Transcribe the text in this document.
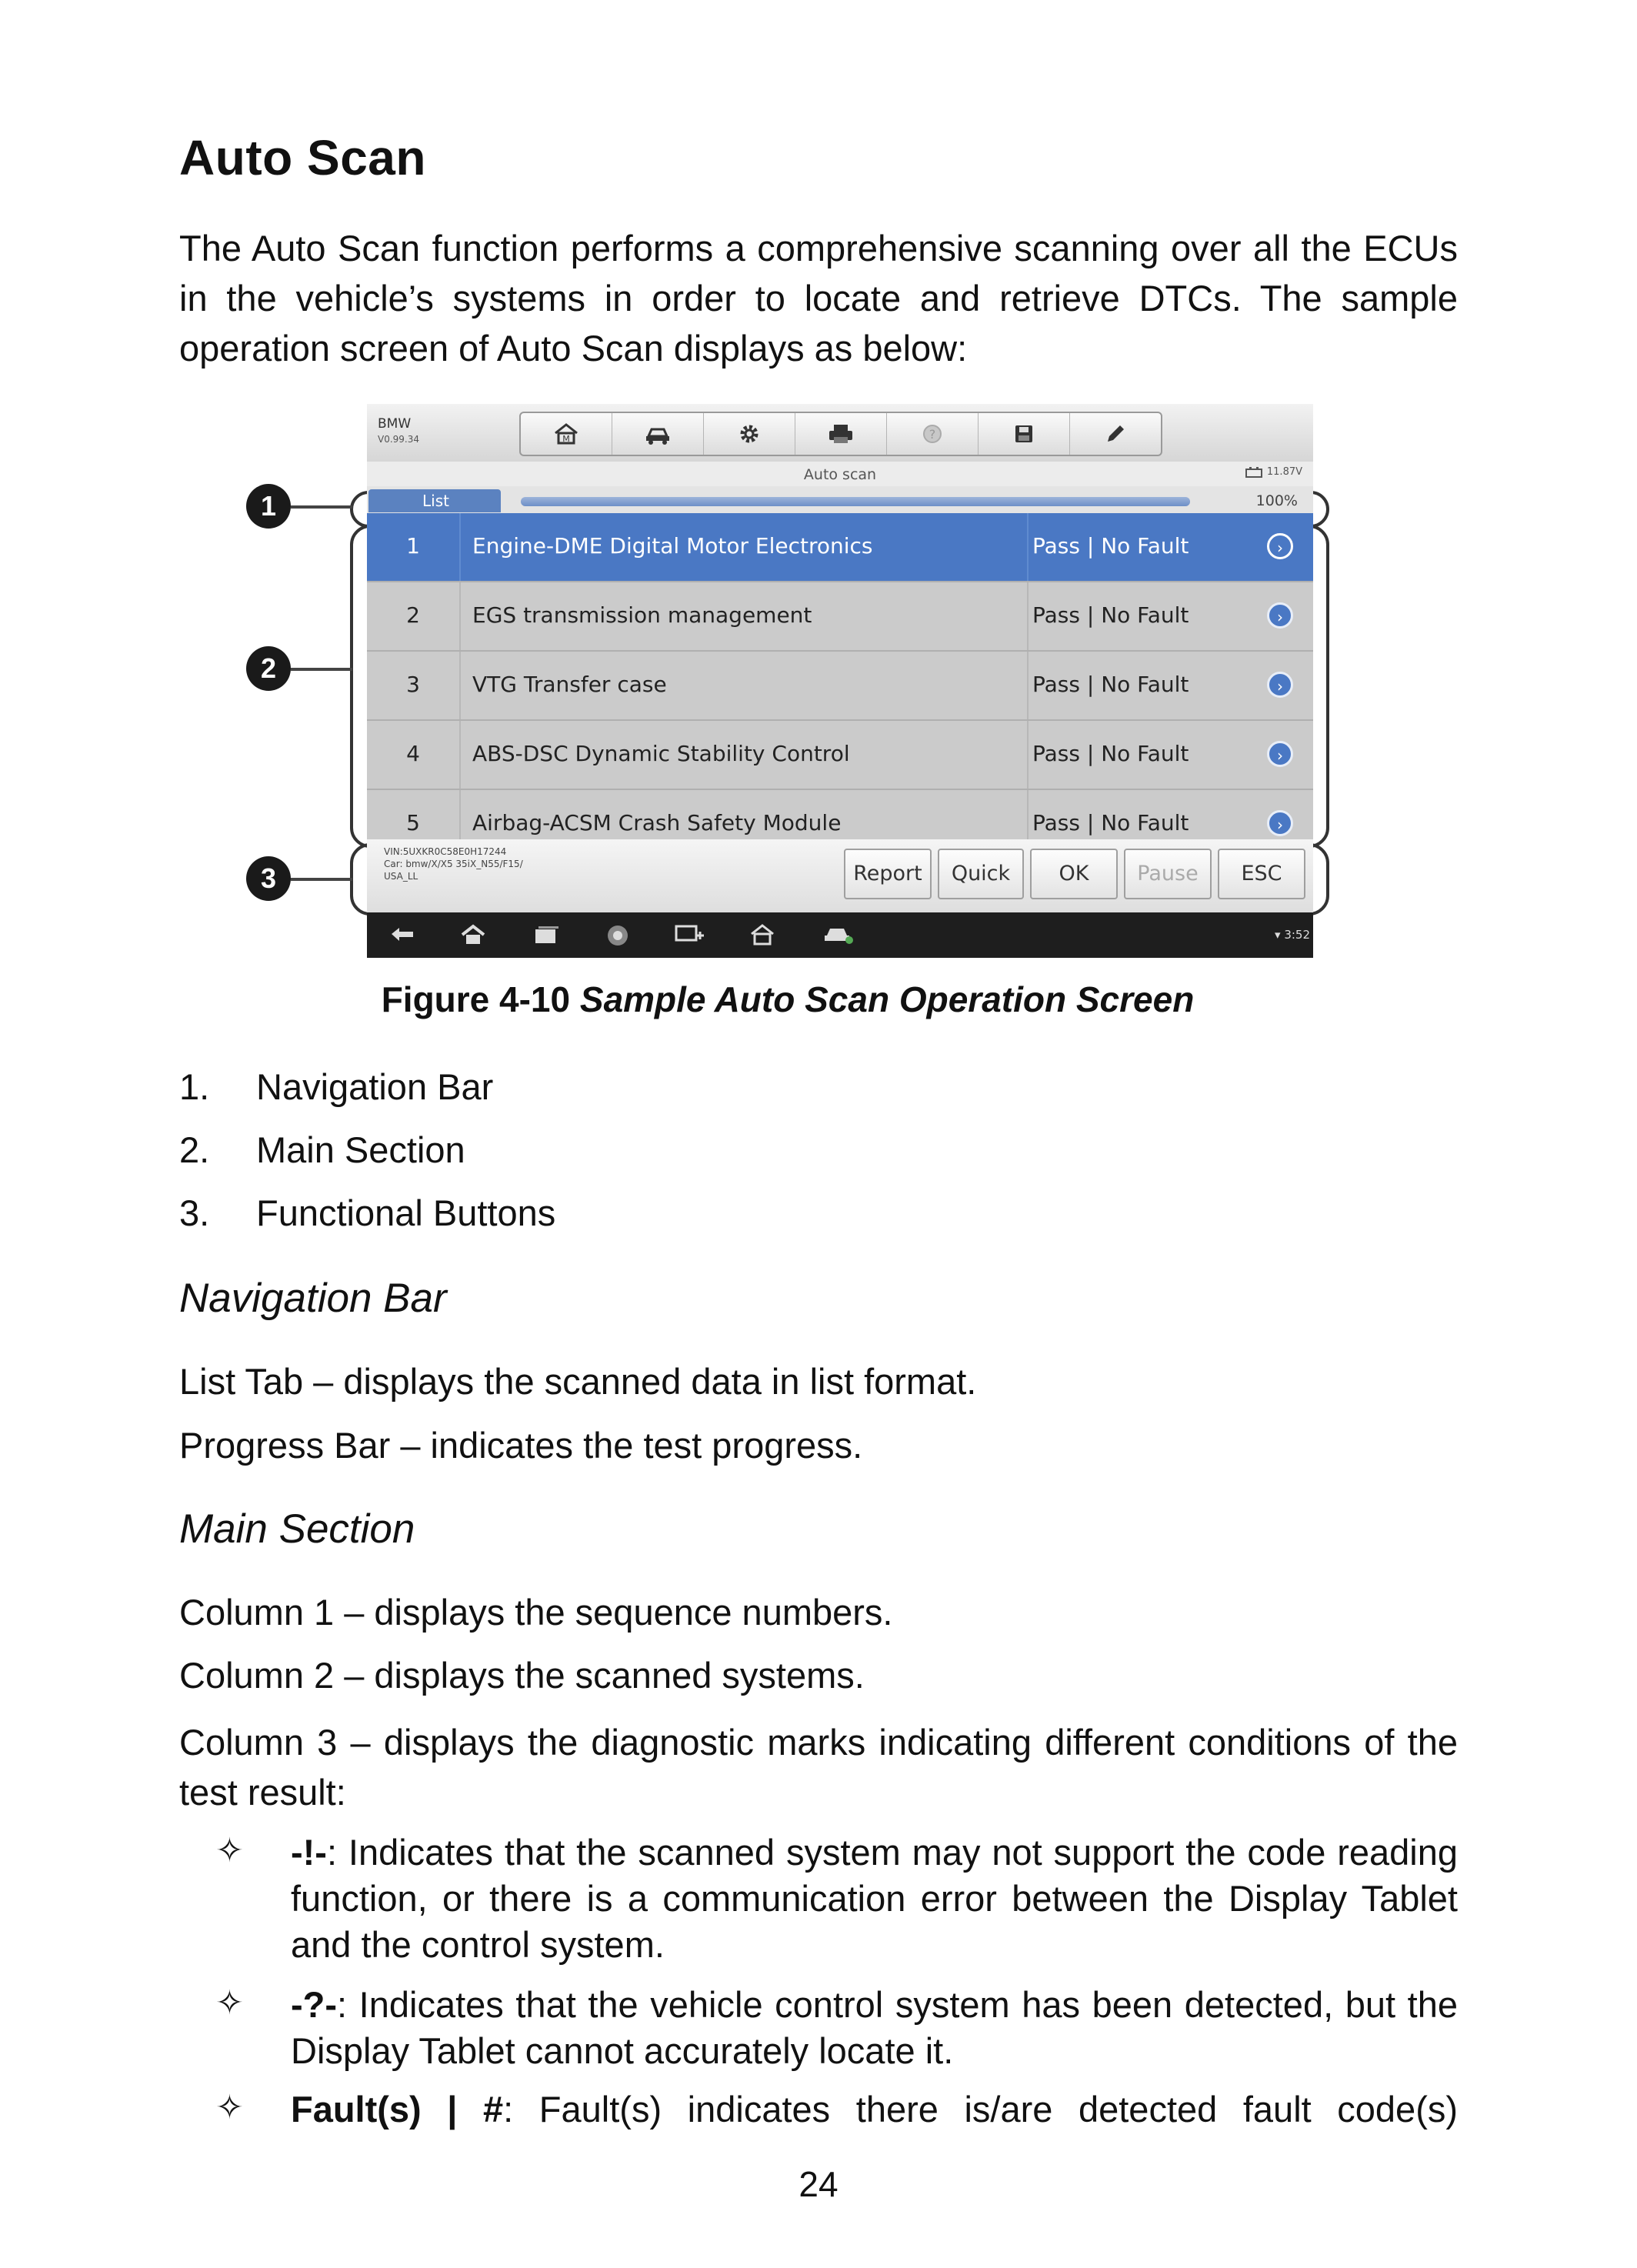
Auto Scan

The Auto Scan function performs a comprehensive scanning over all the ECUs in the vehicle’s systems in order to locate and retrieve DTCs. The sample operation screen of Auto Scan displays as below:

1
2
3
BMW
V0.99.34	M	?
Auto scan	11.87V
List	100%
1	Engine-DME Digital Motor Electronics	Pass | No Fault	›
2	EGS transmission management	Pass | No Fault	›
3	VTG Transfer case	Pass | No Fault	›
4	ABS-DSC Dynamic Stability Control	Pass | No Fault	›
5	Airbag-ACSM Crash Safety Module	Pass | No Fault	›
VIN:5UXKR0C58E0H17244
Car: bmw/X/X5 35iX_N55/F15/
USA_LL	Report	Quick	OK	Pause	ESC
▾ 3:52
Figure 4-10 Sample Auto Scan Operation Screen
1. Navigation Bar
2. Main Section
3. Functional Buttons
Navigation Bar

List Tab – displays the scanned data in list format.

Progress Bar – indicates the test progress.

Main Section

Column 1 – displays the sequence numbers.

Column 2 – displays the scanned systems.

Column 3 – displays the diagnostic marks indicating different conditions of the test result:

✧ -!-: Indicates that the scanned system may not support the code reading function, or there is a communication error between the Display Tablet and the control system.

✧ -?-: Indicates that the vehicle control system has been detected, but the Display Tablet cannot accurately locate it.

✧ Fault(s) | #: Fault(s) indicates there is/are detected fault code(s)

24
